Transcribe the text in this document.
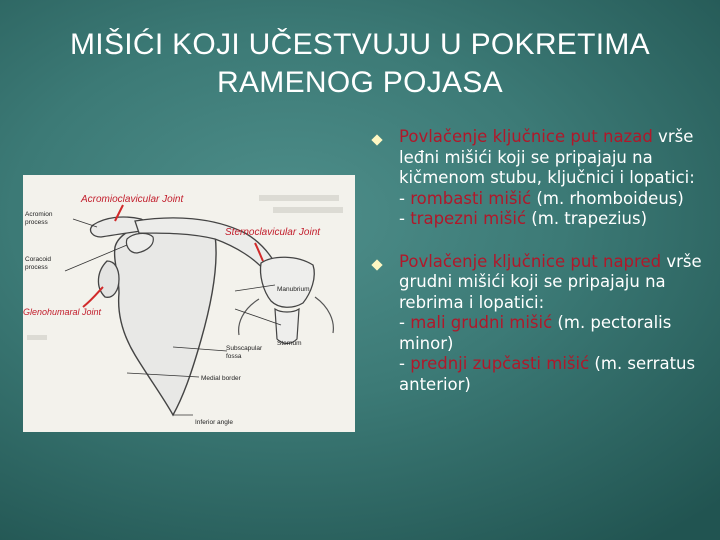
MIŠIĆI KOJI UČESTVUJU U POKRETIMA
RAMENOG POJASA
Acromioclavicular Joint
Acromion
process
Sternoclavicular Joint
Coracoid
process
Glenohumaral Joint
Manubrium
Sternum
Subscapular
fossa
Medial border
Inferior angle
Povlačenje ključnice put nazad vrše leđni mišići koji se pripajaju na kičmenom stubu, ključnici i lopatici:
- rombasti mišić (m. rhomboideus)
- trapezni mišić (m. trapezius)
Povlačenje ključnice put napred vrše grudni mišići koji se pripajaju na rebrima i lopatici:
- mali grudni mišić (m. pectoralis minor)
- prednji zupčasti mišić (m. serratus anterior)
